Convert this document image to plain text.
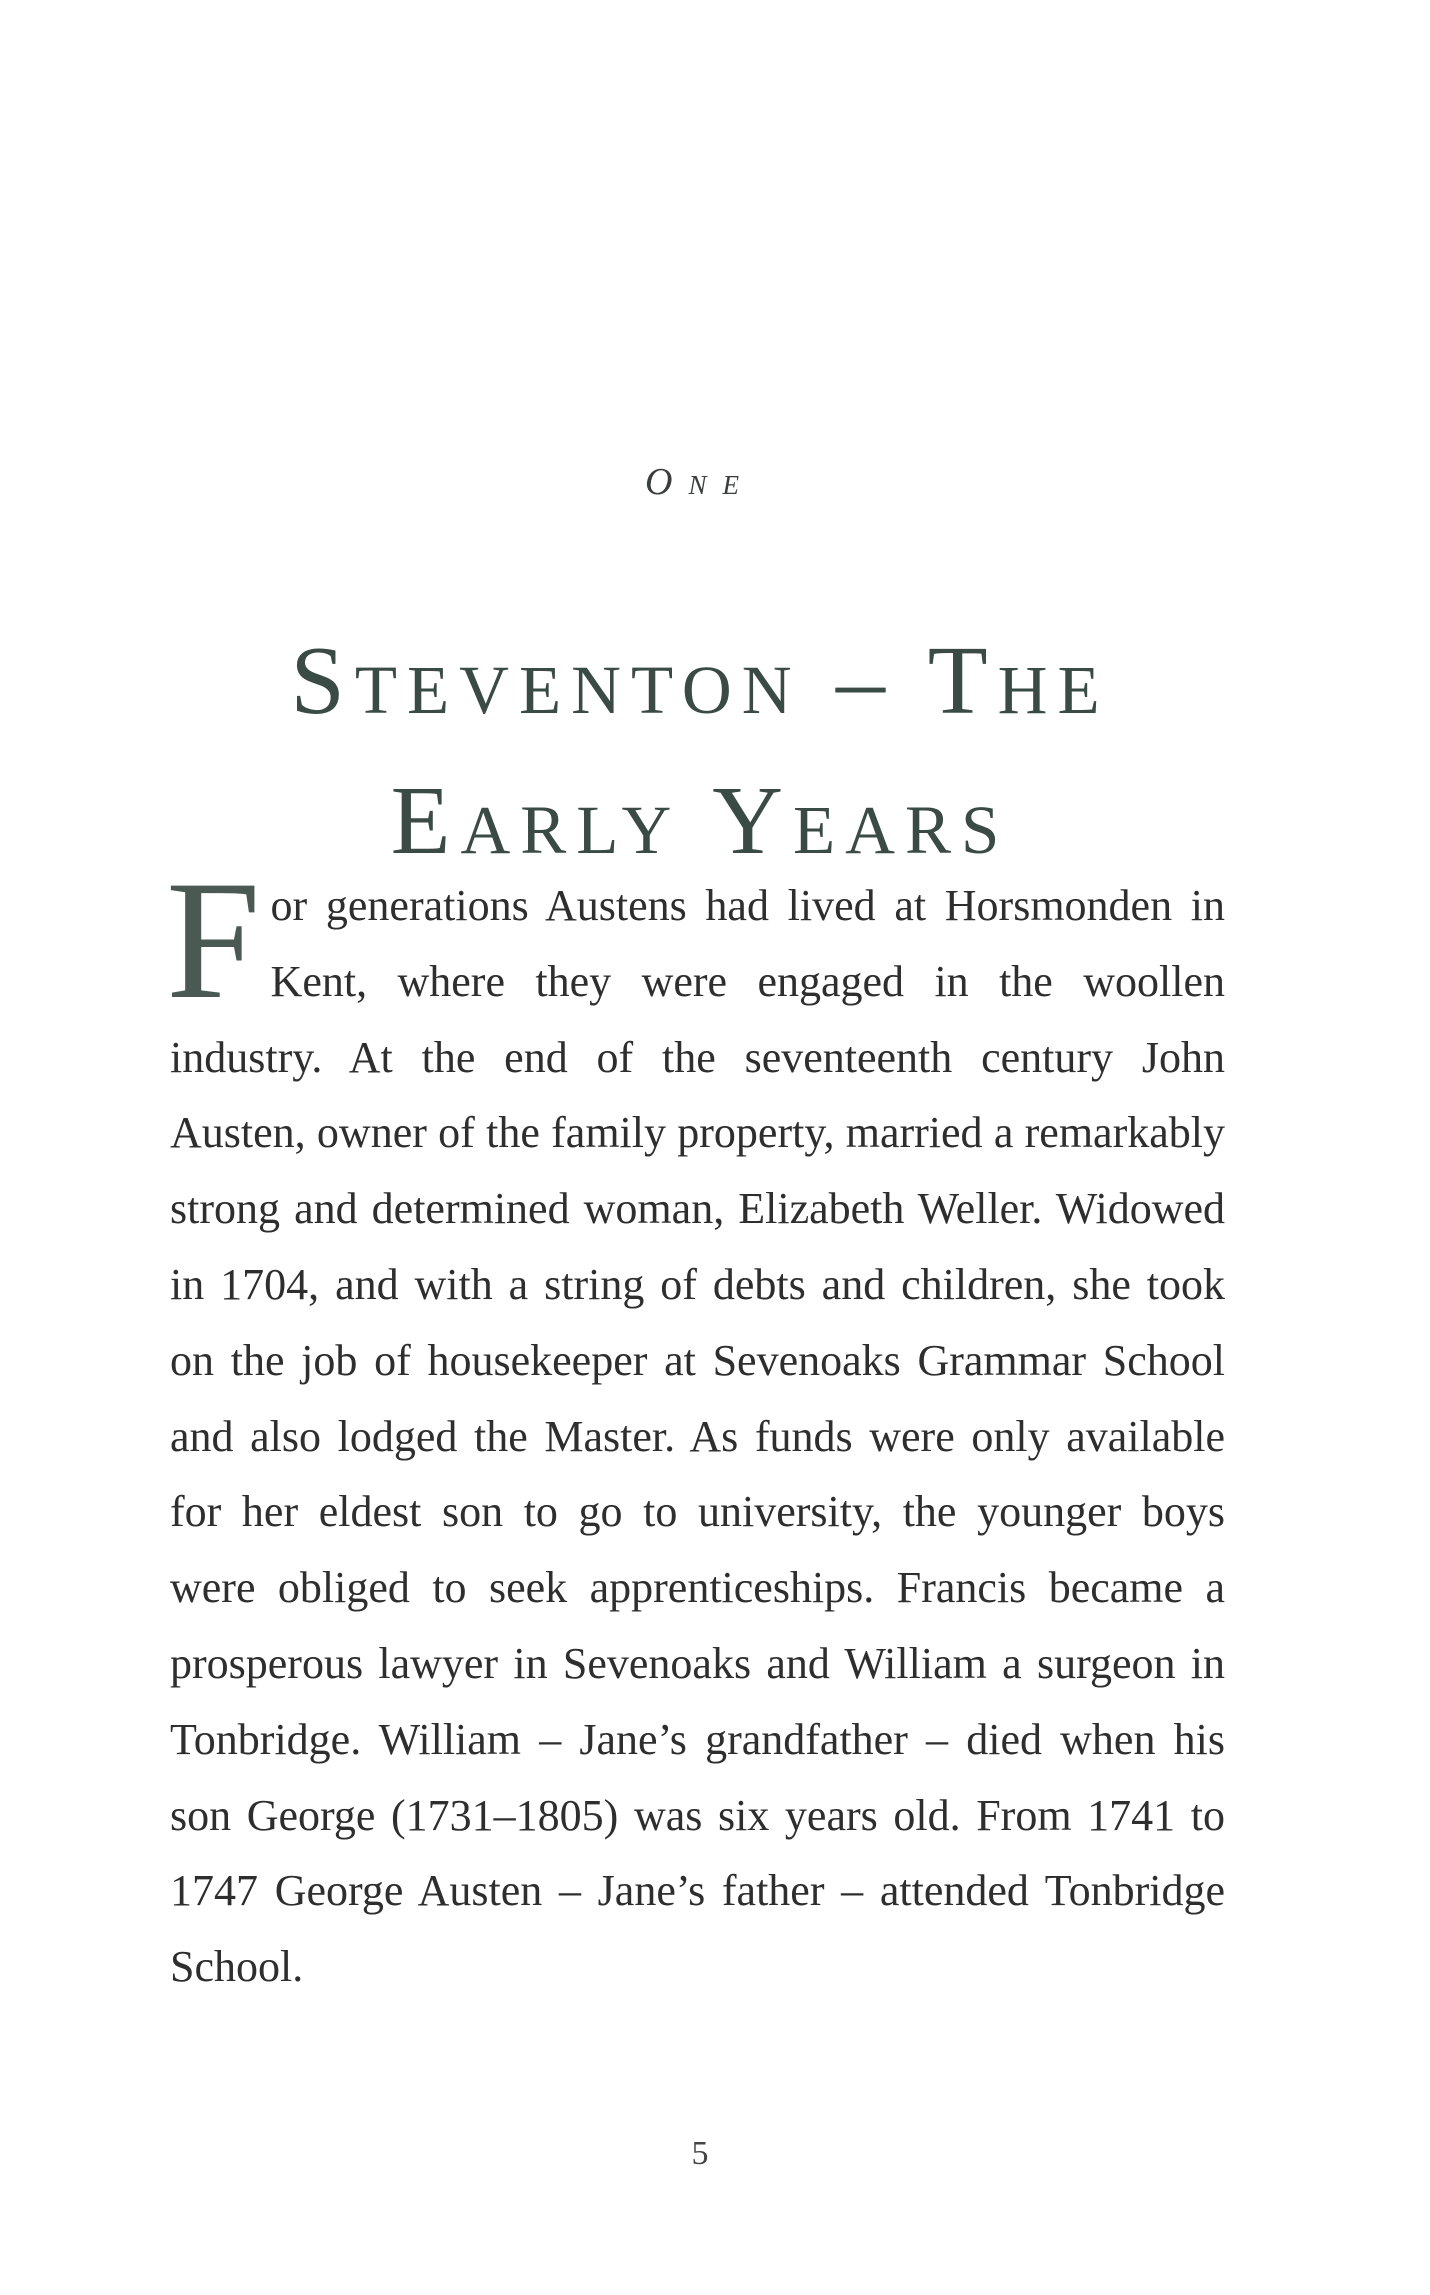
One
Steventon – The
Early Years

For generations Austens had lived at Horsmonden in Kent, where they were engaged in the woollen industry. At the end of the seventeenth century John Austen, owner of the family property, married a remarkably strong and determined woman, Elizabeth Weller. Widowed in 1704, and with a string of debts and children, she took on the job of housekeeper at Sevenoaks Grammar School and also lodged the Master. As funds were only available for her eldest son to go to university, the younger boys were obliged to seek apprenticeships. Francis became a prosperous lawyer in Sevenoaks and William a surgeon in Tonbridge. William – Jane’s grandfather – died when his son George (1731–1805) was six years old. From 1741 to 1747 George Austen – Jane’s father – attended Tonbridge School.

5
